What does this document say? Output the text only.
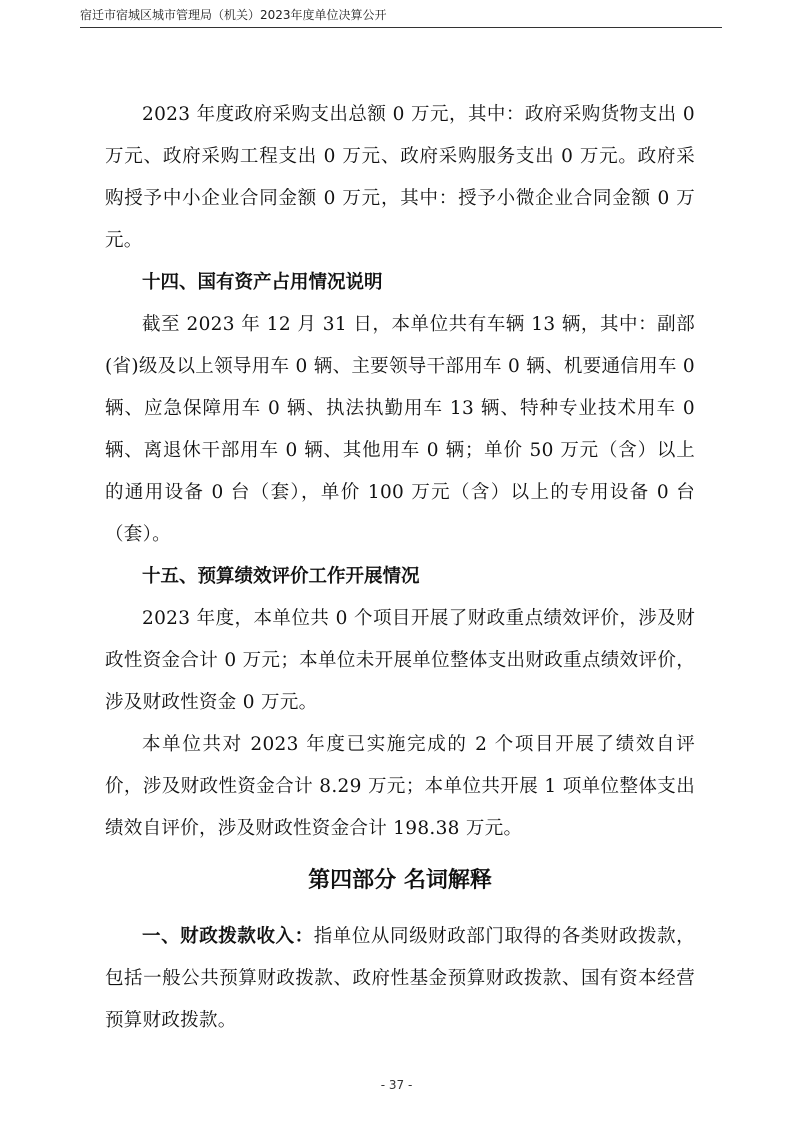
宿迁市宿城区城市管理局（机关）2023年度单位决算公开

2023 年度政府采购支出总额 0 万元，其中：政府采购货物支出 0 万元、政府采购工程支出 0 万元、政府采购服务支出 0 万元。政府采购授予中小企业合同金额 0 万元，其中：授予小微企业合同金额 0 万元。

十四、国有资产占用情况说明

截至 2023 年 12 月 31 日，本单位共有车辆 13 辆，其中：副部(省)级及以上领导用车 0 辆、主要领导干部用车 0 辆、机要通信用车 0 辆、应急保障用车 0 辆、执法执勤用车 13 辆、特种专业技术用车 0 辆、离退休干部用车 0 辆、其他用车 0 辆；单价 50 万元（含）以上的通用设备 0 台（套），单价 100 万元（含）以上的专用设备 0 台（套）。

十五、预算绩效评价工作开展情况

2023 年度，本单位共 0 个项目开展了财政重点绩效评价，涉及财政性资金合计 0 万元；本单位未开展单位整体支出财政重点绩效评价，涉及财政性资金 0 万元。

本单位共对 2023 年度已实施完成的 2 个项目开展了绩效自评价，涉及财政性资金合计 8.29 万元；本单位共开展 1 项单位整体支出绩效自评价，涉及财政性资金合计 198.38 万元。

第四部分 名词解释

一、财政拨款收入：指单位从同级财政部门取得的各类财政拨款，包括一般公共预算财政拨款、政府性基金预算财政拨款、国有资本经营预算财政拨款。

- 37 -
